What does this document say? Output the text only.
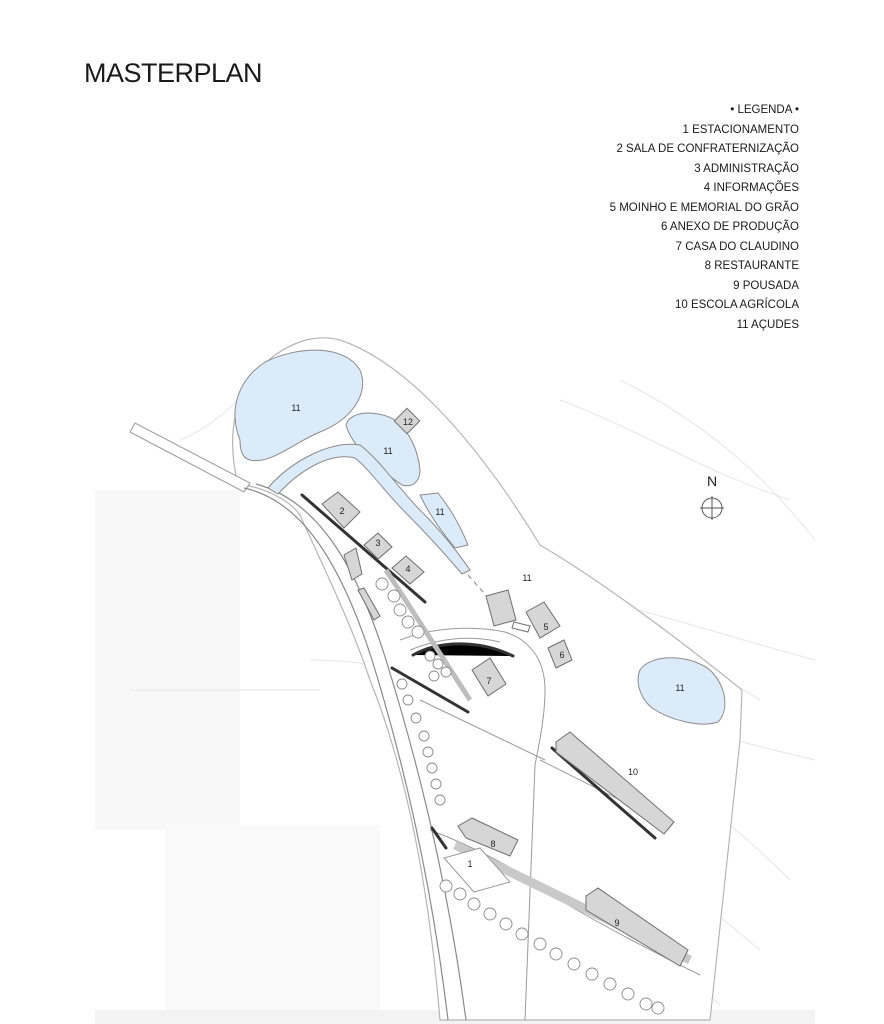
MASTERPLAN
• LEGENDA •
1 ESTACIONAMENTO
2 SALA DE CONFRATERNIZAÇÃO
3 ADMINISTRAÇÃO
4 INFORMAÇÕES
5 MOINHO E MEMORIAL DO GRÃO
6 ANEXO DE PRODUÇÃO
7 CASA DO CLAUDINO
8 RESTAURANTE
9 POUSADA
10 ESCOLA AGRÍCOLA
11 AÇUDES
N
11
11
11
11
11
12
2
3
4
5
6
7
8
9
10
1
